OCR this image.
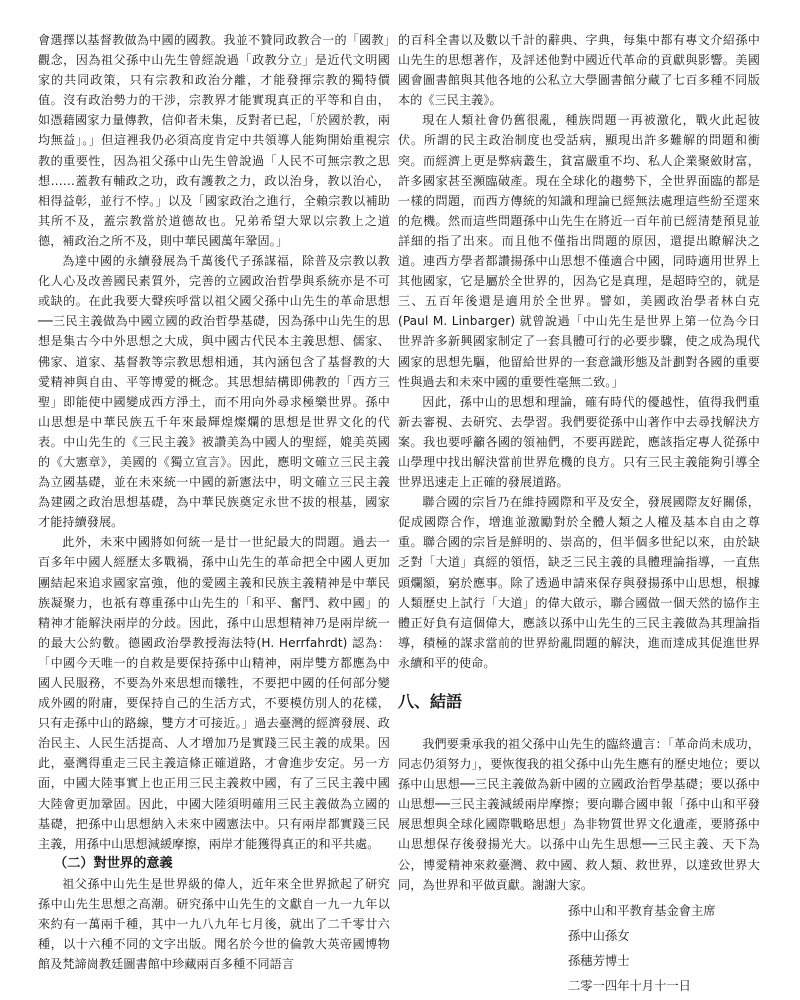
會選擇以基督教做為中國的國教。我並不贊同政教合一的「國教」觀念，因為祖父孫中山先生曾經說過「政教分立」是近代文明國家的共同政策，只有宗教和政治分離，才能發揮宗教的獨特價值。沒有政治勢力的干涉，宗教界才能實現真正的平等和自由，如憑藉國家力量傳教，信仰者未集，反對者已起，「於國於教，兩均無益」。」但這裡我仍必須高度肯定中共領導人能夠開始重視宗教的重要性，因為祖父孫中山先生曾說過「人民不可無宗教之思想……蓋教有輔政之功，政有護教之力，政以治身，教以治心，相得益彰，並行不悖。」以及「國家政治之進行，全賴宗教以補助其所不及，蓋宗教當於道德故也。兄弟希望大眾以宗教上之道德，補政治之所不及，則中華民國萬年鞏固。」

為達中國的永續發展為千萬後代子孫謀福，除普及宗教以教化人心及改善國民素質外，完善的立國政治哲學與系統亦是不可或缺的。在此我要大聲疾呼當以祖父國父孫中山先生的革命思想──三民主義做為中國立國的政治哲學基礎，因為孫中山先生的思想是集古今中外思想之大成，與中國古代民本主義思想、儒家、佛家、道家、基督教等宗教思想相通，其內涵包含了基督教的大愛精神與自由、平等博愛的概念。其思想結構即佛教的「西方三聖」即能使中國變成西方淨土，而不用向外尋求極樂世界。孫中山思想是中華民族五千年來最輝煌燦爛的思想是世界文化的代表。中山先生的《三民主義》被讚美為中國人的聖經，媲美英國的《大憲章》，美國的《獨立宣言》。因此，應明文確立三民主義為立國基礎，並在未來統一中國的新憲法中，明文確立三民主義為建國之政治思想基礎，為中華民族奠定永世不拔的根基，國家才能持續發展。

此外，未來中國將如何統一是廿一世紀最大的問題。過去一百多年中國人經歷太多戰禍，孫中山先生的革命把全中國人更加團結起來追求國家富強，他的愛國主義和民族主義精神是中華民族凝聚力，也祇有尊重孫中山先生的「和平、奮鬥、救中國」的精神才能解決兩岸的分歧。因此，孫中山思想精神乃是兩岸統一的最大公約數。德國政治學教授海法特(H. Herrfahrdt) 認為：「中國今天唯一的自救是要保持孫中山精神，兩岸雙方都應為中國人民服務，不要為外來思想而犧牲，不要把中國的任何部分變成外國的附庸，要保持自己的生活方式，不要模仿別人的花樣，只有走孫中山的路線，雙方才可接近。」過去臺灣的經濟發展、政治民主、人民生活提高、人才增加乃是實踐三民主義的成果。因此，臺灣得重走三民主義這條正確道路，才會進步安定。另一方面，中國大陸事實上也正用三民主義救中國，有了三民主義中國大陸會更加鞏固。因此，中國大陸須明確用三民主義做為立國的基礎，把孫中山思想納入未來中國憲法中。只有兩岸都實踐三民主義，用孫中山思想減緩摩擦，兩岸才能獲得真正的和平共處。

（二）對世界的意義

祖父孫中山先生是世界級的偉人，近年來全世界掀起了研究孫中山先生思想之高潮。研究孫中山先生的文獻自一九一九年以來約有一萬兩千種，其中一九八九年七月後，就出了二千零廿六種，以十六種不同的文字出版。聞名於今世的倫敦大英帝國博物館及梵諦崗教廷圖書館中珍藏兩百多種不同語言

的百科全書以及數以千計的辭典、字典，每集中都有專文介紹孫中山先生的思想著作，及評述他對中國近代革命的貢獻與影響。美國國會圖書館與其他各地的公私立大學圖書館分藏了七百多種不同版本的《三民主義》。

現在人類社會仍舊很亂，種族問題一再被激化，戰火此起彼伏。所謂的民主政治制度也受話病，顯現出許多難解的問題和衝突。而經濟上更是弊病叢生，貧富嚴重不均、私人企業聚斂財富，許多國家甚至瀕臨破產。現在全球化的趨勢下，全世界面臨的都是一樣的問題，而西方傳統的知識和理論已經無法處理這些紛至遝來的危機。然而這些問題孫中山先生在將近一百年前已經清楚預見並詳細的指了出來。而且他不僅指出問題的原因，還提出瞭解決之道。連西方學者都讚揚孫中山思想不僅適合中國，同時適用世界上其他國家，它是屬於全世界的，因為它是真理，是超時空的，就是三、五百年後還是適用於全世界。譬如，美國政治學者林白克 (Paul M. Linbarger) 就曾說過「中山先生是世界上第一位為今日世界許多新興國家制定了一套具體可行的必要步驟，使之成為現代國家的思想先驅，他留給世界的一套意識形態及計劃對各國的重要性與過去和未來中國的重要性毫無二致。」

因此，孫中山的思想和理論，確有時代的優越性，值得我們重新去審視、去研究、去學習。我們要從孫中山著作中去尋找解決方案。我也要呼籲各國的領袖們，不要再蹉跎，應該指定專人從孫中山學理中找出解決當前世界危機的良方。只有三民主義能夠引導全世界迅速走上正確的發展道路。

聯合國的宗旨乃在維持國際和平及安全，發展國際友好關係，促成國際合作，增進並激勵對於全體人類之人權及基本自由之尊重。聯合國的宗旨是鮮明的、崇高的，但半個多世紀以來，由於缺乏對「大道」真經的領悟，缺乏三民主義的具體理論指導，一直焦頭爛額，窮於應事。除了透過申請來保存與發揚孫中山思想，根據人類歷史上試行「大道」的偉大啟示，聯合國做一個天然的協作主體正好負有這個偉大，應該以孫中山先生的三民主義做為其理論指導，積極的謀求當前的世界紛亂問題的解決，進而達成其促進世界永續和平的使命。

八、結語

我們要秉承我的祖父孫中山先生的臨終遺言：「革命尚未成功，同志仍須努力」，要恢復我的祖父孫中山先生應有的歷史地位；要以孫中山思想──三民主義做為新中國的立國政治哲學基礎；要以孫中山思想──三民主義減緩兩岸摩擦；要向聯合國申報「孫中山和平發展思想與全球化國際戰略思想」為非物質世界文化遺產，要將孫中山思想保存後發揚光大。以孫中山先生思想──三民主義、天下為公，博愛精神來救臺灣、救中國、救人類、救世界，以達致世界大同，為世界和平做貢獻。謝謝大家。

孫中山和平教育基金會主席
孫中山孫女
孫穗芳博士
二零一四年十月十一日
